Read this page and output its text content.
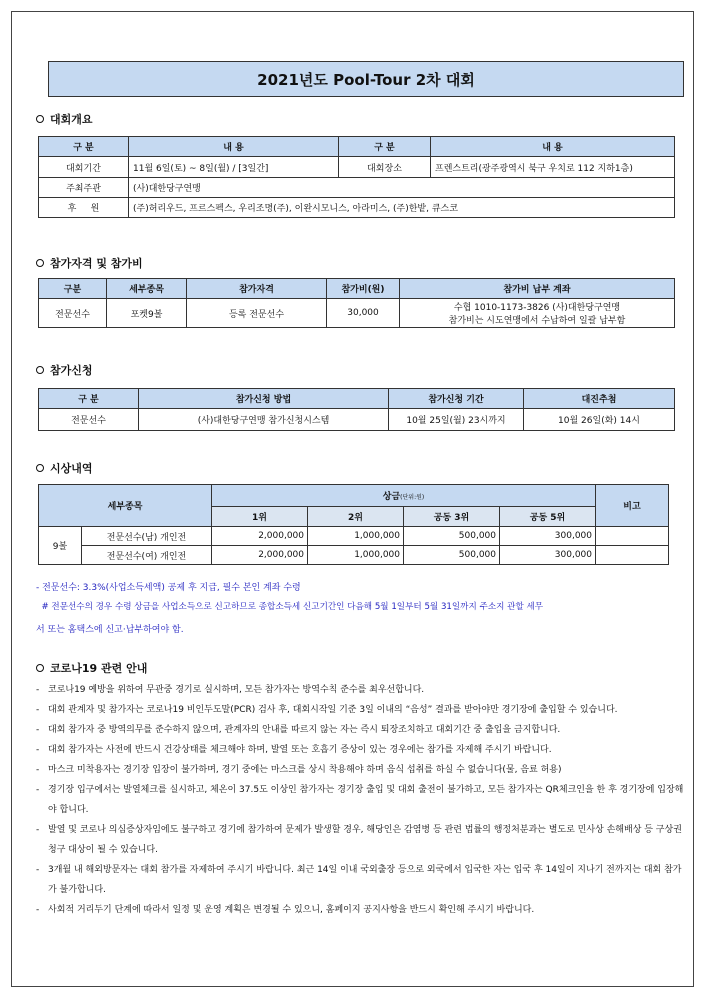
2021년도 Pool-Tour 2차 대회
대회개요
구 분	내 용	구 분	내 용
대회기간	11월 6일(토) ~ 8일(월) / [3일간]	대회장소	프렌스트리(광주광역시 북구 우치로 112 지하1층)
주최주관	(사)대한당구연맹		
후     원	(주)허리우드, 프르스펙스, 우리조명(주), 이완시모니스, 아라미스, (주)한밭, 큐스코		
참가자격 및 참가비
구분	세부종목	참가자격	참가비(원)	참가비 납부 계좌
전문선수	포켓9볼	등록 전문선수	30,000	수협 1010-1173-3826 (사)대한당구연맹
참가비는 시도연맹에서 수납하여 일괄 납부함
참가신청
구 분	참가신청 방법	참가신청 기간	대진추첨
전문선수	(사)대한당구연맹 참가신청시스템	10월 25일(월) 23시까지	10월 26일(화) 14시
시상내역
세부종목		상금(단위:원)				비고
		1위	2위	공동 3위	공동 5위	
9볼	전문선수(남) 개인전	2,000,000	1,000,000	500,000	300,000	
	전문선수(여) 개인전	2,000,000	1,000,000	500,000	300,000	
- 전문선수: 3.3%(사업소득세액) 공제 후 지급, 필수 본인 계좌 수령
# 전문선수의 경우 수령 상금을 사업소득으로 신고하므로 종합소득세 신고기간인 다음해 5월 1일부터 5월 31일까지 주소지 관할 세무
서 또는 홈택스에 신고·납부하여야 함.
코로나19 관련 안내
- 코로나19 예방을 위하여 무관중 경기로 실시하며, 모든 참가자는 방역수칙 준수를 최우선합니다.
- 대회 관계자 및 참가자는 코로나19 비인두도말(PCR) 검사 후, 대회시작일 기준 3일 이내의 “음성” 결과를 받아야만 경기장에 출입할 수 있습니다.
- 대회 참가자 중 방역의무를 준수하지 않으며, 관계자의 안내를 따르지 않는 자는 즉시 퇴장조치하고 대회기간 중 출입을 금지합니다.
- 대회 참가자는 사전에 반드시 건강상태를 체크해야 하며, 발열 또는 호흡기 증상이 있는 경우에는 참가를 자제해 주시기 바랍니다.
- 마스크 미착용자는 경기장 입장이 불가하며, 경기 중에는 마스크를 상시 착용해야 하며 음식 섭취를 하실 수 없습니다(물, 음료 허용)
- 경기장 입구에서는 발열체크를 실시하고, 체온이 37.5도 이상인 참가자는 경기장 출입 및 대회 출전이 불가하고, 모든 참가자는 QR체크인을 한 후 경기장에 입장해야 합니다.
- 발열 및 코로나 의심증상자임에도 불구하고 경기에 참가하여 문제가 발생할 경우, 해당인은 감염병 등 관련 법률의 행정처분과는 별도로 민사상 손해배상 등 구상권 청구 대상이 될 수 있습니다.
- 3개월 내 해외방문자는 대회 참가를 자제하여 주시기 바랍니다. 최근 14일 이내 국외출장 등으로 외국에서 입국한 자는 입국 후 14일이 지나기 전까지는 대회 참가가 불가합니다.
- 사회적 거리두기 단계에 따라서 일정 및 운영 계획은 변경될 수 있으니, 홈페이지 공지사항을 반드시 확인해 주시기 바랍니다.
